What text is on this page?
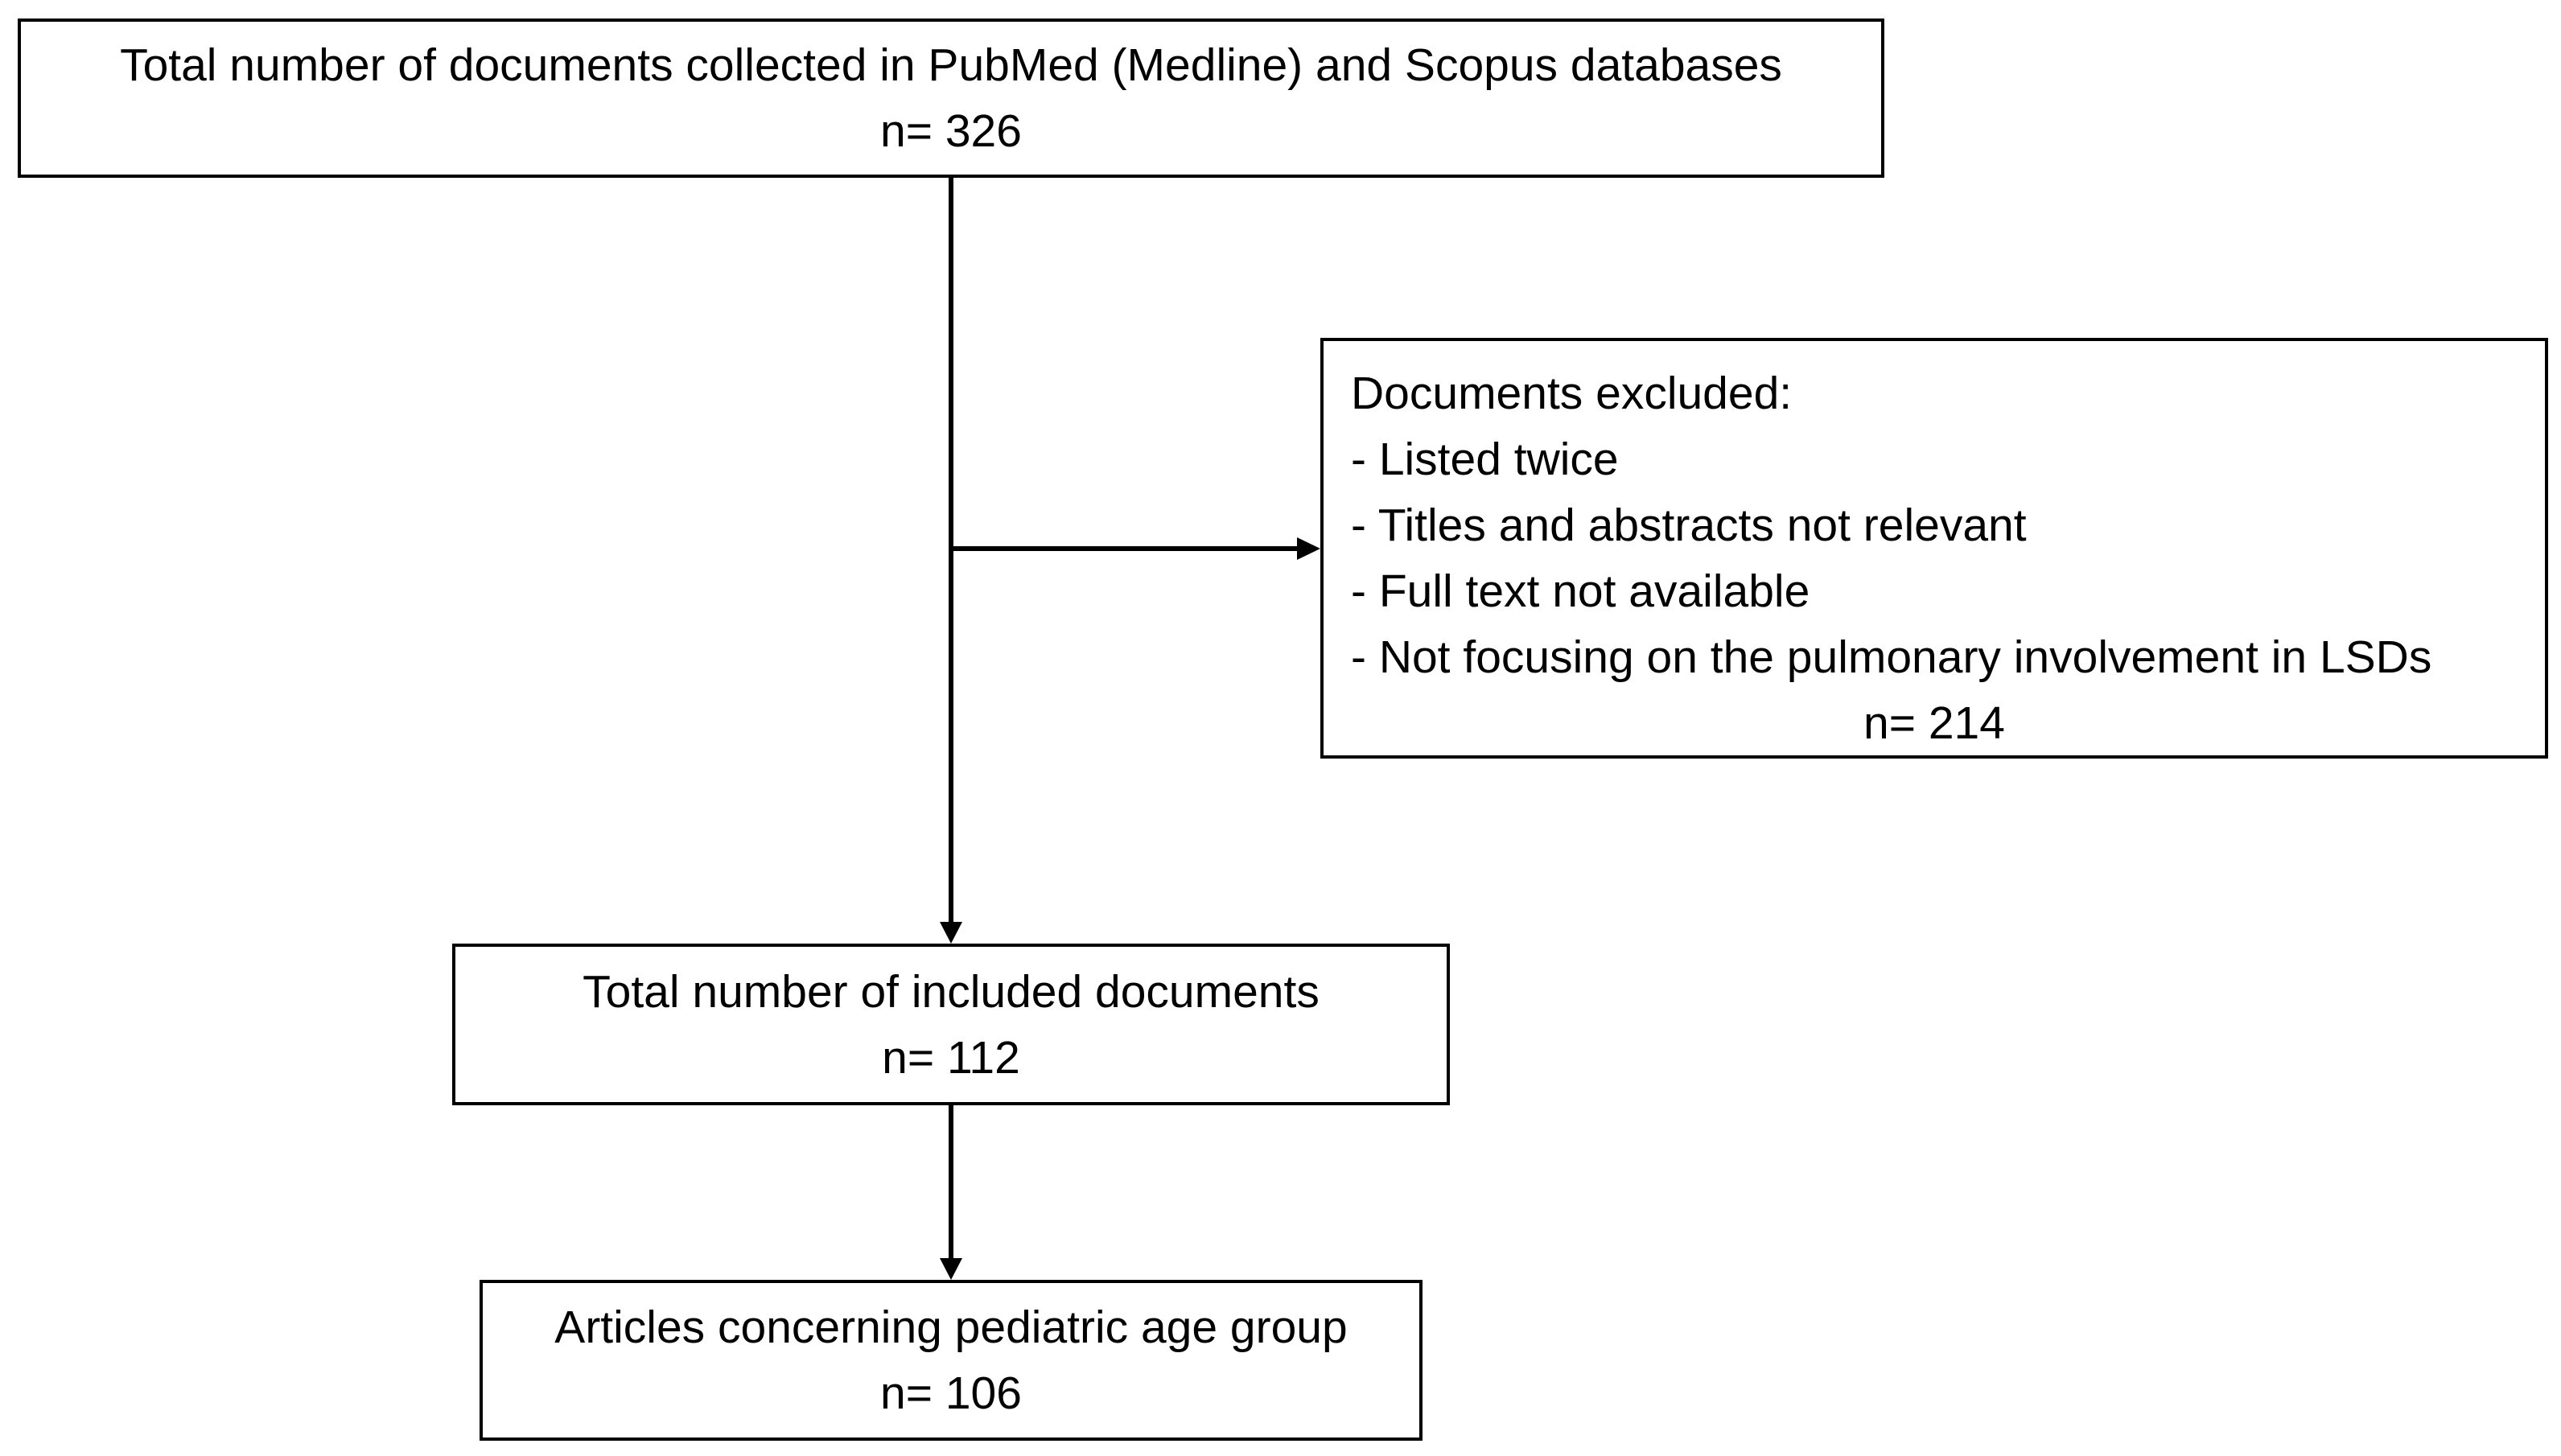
Total number of documents collected in PubMed (Medline) and Scopus databases
n= 326
Documents excluded:
- Listed twice
- Titles and abstracts not relevant
- Full text not available
- Not focusing on the pulmonary involvement in LSDs
n= 214
Total number of included documents
n= 112
Articles concerning pediatric age group
n= 106
